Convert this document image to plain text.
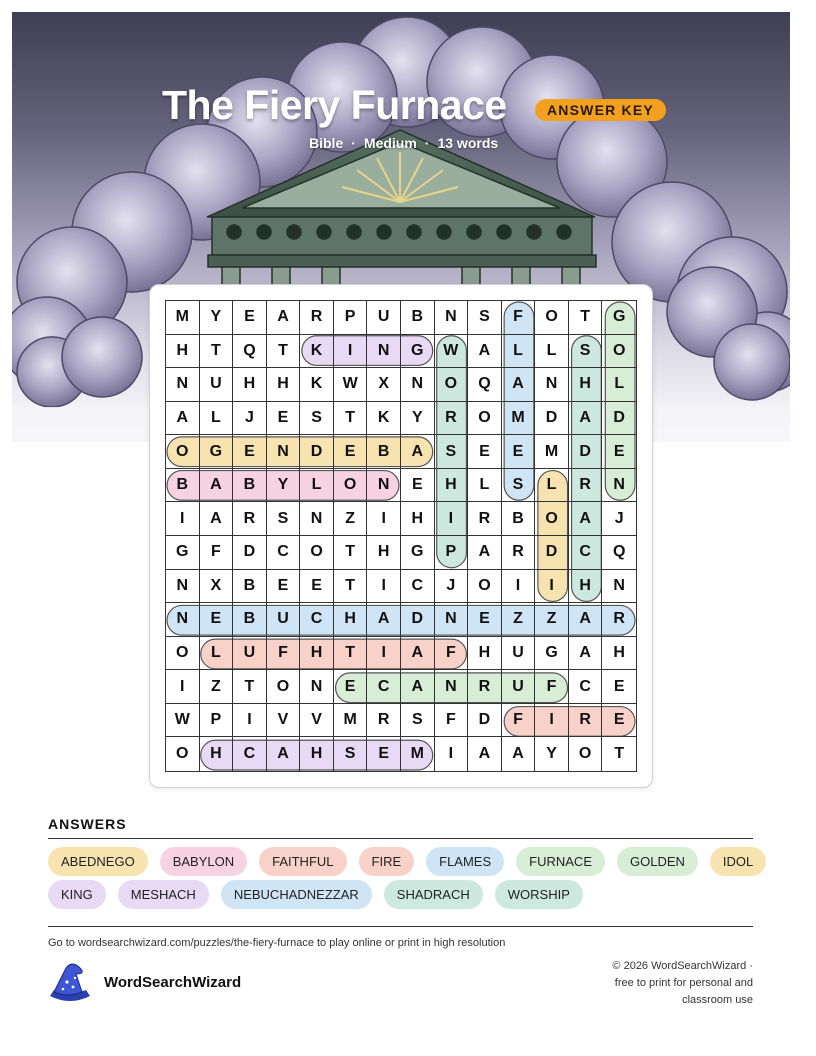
The Fiery Furnace	ANSWER KEY
Bible · Medium · 13 words
M	Y	E	A	R	P	U	B	N	S	F	O	T	G
H	T	Q	T	K	I	N	G	W	A	L	L	S	O
N	U	H	H	K	W	X	N	O	Q	A	N	H	L
A	L	J	E	S	T	K	Y	R	O	M	D	A	D
O	G	E	N	D	E	B	A	S	E	E	M	D	E
B	A	B	Y	L	O	N	E	H	L	S	L	R	N
I	A	R	S	N	Z	I	H	I	R	B	O	A	J
G	F	D	C	O	T	H	G	P	A	R	D	C	Q
N	X	B	E	E	T	I	C	J	O	I	I	H	N
N	E	B	U	C	H	A	D	N	E	Z	Z	A	R
O	L	U	F	H	T	I	A	F	H	U	G	A	H
I	Z	T	O	N	E	C	A	N	R	U	F	C	E
W	P	I	V	V	M	R	S	F	D	F	I	R	E
O	H	C	A	H	S	E	M	I	A	A	Y	O	T
ANSWERS
ABEDNEGO	BABYLON	FAITHFUL	FIRE	FLAMES	FURNACE	GOLDEN	IDOL
KING	MESHACH	NEBUCHADNEZZAR	SHADRACH	WORSHIP
Go to wordsearchwizard.com/puzzles/the-fiery-furnace to play online or print in high resolution
WordSearchWizard
© 2026 WordSearchWizard ·
free to print for personal and
classroom use
